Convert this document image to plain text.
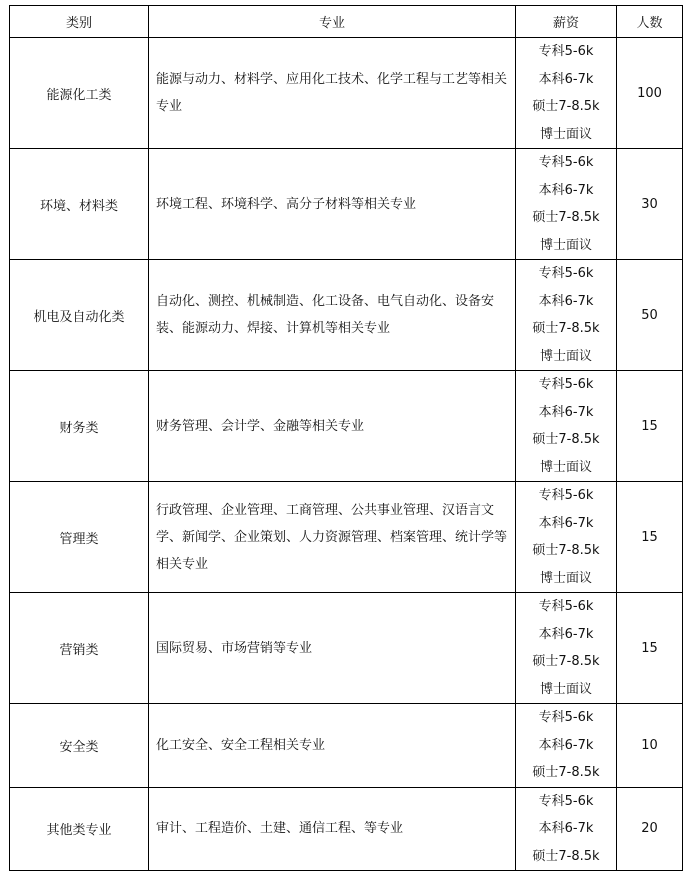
类别	专业	薪资	人数
能源化工类	能源与动力、材料学、应用化工技术、化学工程与工艺等相关专业	专科5-6k
本科6-7k
硕士7-8.5k
博士面议	100
环境、材料类	环境工程、环境科学、高分子材料等相关专业	专科5-6k
本科6-7k
硕士7-8.5k
博士面议	30
机电及自动化类	自动化、测控、机械制造、化工设备、电气自动化、设备安装、能源动力、焊接、计算机等相关专业	专科5-6k
本科6-7k
硕士7-8.5k
博士面议	50
财务类	财务管理、会计学、金融等相关专业	专科5-6k
本科6-7k
硕士7-8.5k
博士面议	15
管理类	行政管理、企业管理、工商管理、公共事业管理、汉语言文学、新闻学、企业策划、人力资源管理、档案管理、统计学等相关专业	专科5-6k
本科6-7k
硕士7-8.5k
博士面议	15
营销类	国际贸易、市场营销等专业	专科5-6k
本科6-7k
硕士7-8.5k
博士面议	15
安全类	化工安全、安全工程相关专业	专科5-6k
本科6-7k
硕士7-8.5k	10
其他类专业	审计、工程造价、土建、通信工程、等专业	专科5-6k
本科6-7k
硕士7-8.5k	20
